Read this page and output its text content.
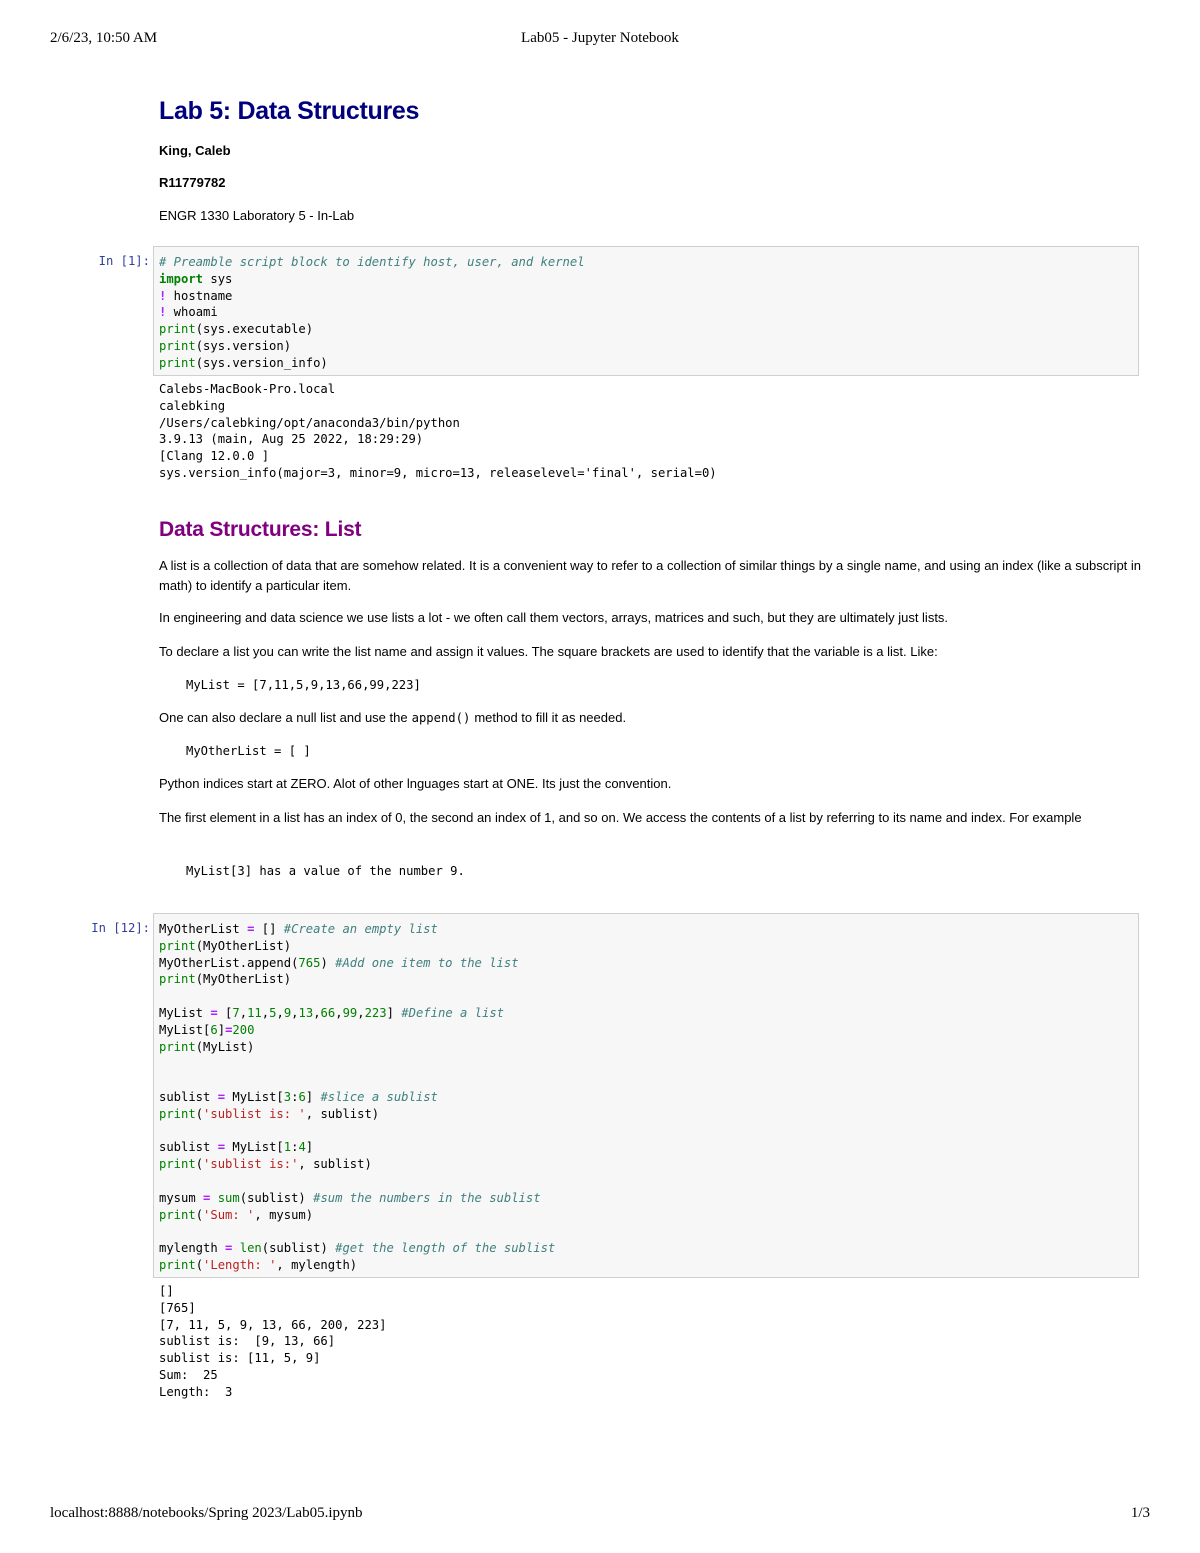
2/6/23, 10:50 AM	Lab05 - Jupyter Notebook
Lab 5: Data Structures

King, Caleb

R11779782

ENGR 1330 Laboratory 5 - In-Lab

In [1]: # Preamble script block to identify host, user, and kernel
import sys
! hostname
! whoami
print(sys.executable)
print(sys.version)
print(sys.version_info)
Calebs-MacBook-Pro.local
calebking
/Users/calebking/opt/anaconda3/bin/python
3.9.13 (main, Aug 25 2022, 18:29:29)
[Clang 12.0.0 ]
sys.version_info(major=3, minor=9, micro=13, releaselevel='final', serial=0)
Data Structures: List

A list is a collection of data that are somehow related. It is a convenient way to refer to a collection of similar things by a single name, and using an index (like a subscript in math) to identify a particular item.

In engineering and data science we use lists a lot - we often call them vectors, arrays, matrices and such, but they are ultimately just lists.

To declare a list you can write the list name and assign it values. The square brackets are used to identify that the variable is a list. Like:

MyList = [7,11,5,9,13,66,99,223]

One can also declare a null list and use the append() method to fill it as needed.

MyOtherList = [ ]

Python indices start at ZERO. Alot of other lnguages start at ONE. Its just the convention.

The first element in a list has an index of 0, the second an index of 1, and so on. We access the contents of a list by referring to its name and index. For example

MyList[3] has a value of the number 9.
In [12]: MyOtherList = [] #Create an empty list
print(MyOtherList)
MyOtherList.append(765) #Add one item to the list
print(MyOtherList)
MyList = [7,11,5,9,13,66,99,223] #Define a list
MyList[6]=200
print(MyList)
sublist = MyList[3:6] #slice a sublist
print('sublist is: ', sublist)
sublist = MyList[1:4]
print('sublist is:', sublist)
mysum = sum(sublist) #sum the numbers in the sublist
print('Sum: ', mysum)
mylength = len(sublist) #get the length of the sublist
print('Length: ', mylength)
[]
[765]
[7, 11, 5, 9, 13, 66, 200, 223]
sublist is:  [9, 13, 66]
sublist is: [11, 5, 9]
Sum:  25
Length:  3
localhost:8888/notebooks/Spring 2023/Lab05.ipynb	1/3
